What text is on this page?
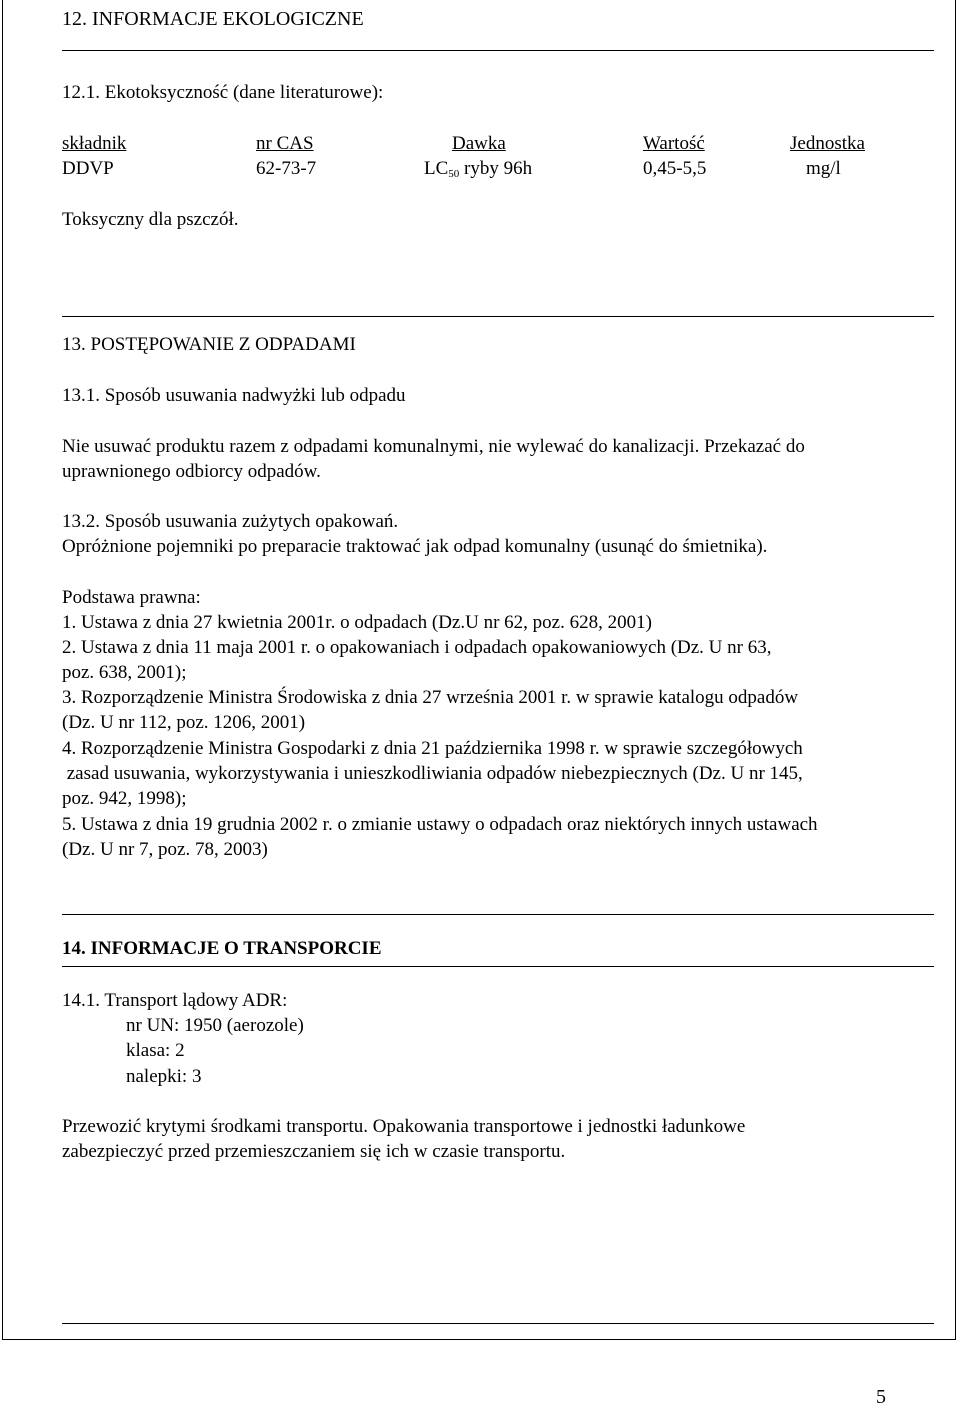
12. INFORMACJE EKOLOGICZNE
12.1. Ekotoksyczność (dane literaturowe):
składnik	nr CAS	Dawka	Wartość	Jednostka
DDVP	62-73-7	$LC_{50}$ ryby 96h	0,45-5,5	mg/l
Toksyczny dla pszczół.
13. POSTĘPOWANIE Z ODPADAMI
13.1. Sposób usuwania nadwyżki lub odpadu
Nie usuwać produktu razem z odpadami komunalnymi, nie wylewać do kanalizacji. Przekazać do
uprawnionego odbiorcy odpadów.
13.2. Sposób usuwania zużytych opakowań.
Opróżnione pojemniki po preparacie traktować jak odpad komunalny (usunąć do śmietnika).
Podstawa prawna:
1. Ustawa z dnia 27 kwietnia 2001r. o odpadach (Dz.U nr 62, poz. 628, 2001)
2. Ustawa z dnia 11 maja 2001 r. o opakowaniach i odpadach opakowaniowych (Dz. U nr 63,
poz. 638, 2001);
3. Rozporządzenie Ministra Środowiska z dnia 27 września 2001 r. w sprawie katalogu odpadów
(Dz. U nr 112, poz. 1206, 2001)
4. Rozporządzenie Ministra Gospodarki z dnia 21 października 1998 r. w sprawie szczegółowych
zasad usuwania, wykorzystywania i unieszkodliwiania odpadów niebezpiecznych (Dz. U nr 145,
poz. 942, 1998);
5. Ustawa z dnia 19 grudnia 2002 r. o zmianie ustawy o odpadach oraz niektórych innych ustawach
(Dz. U nr 7, poz. 78, 2003)
14. INFORMACJE O TRANSPORCIE
14.1. Transport lądowy ADR:
nr UN: 1950 (aerozole)
klasa: 2
nalepki: 3
Przewozić krytymi środkami transportu. Opakowania transportowe i jednostki ładunkowe
zabezpieczyć przed przemieszczaniem się ich w czasie transportu.
5
